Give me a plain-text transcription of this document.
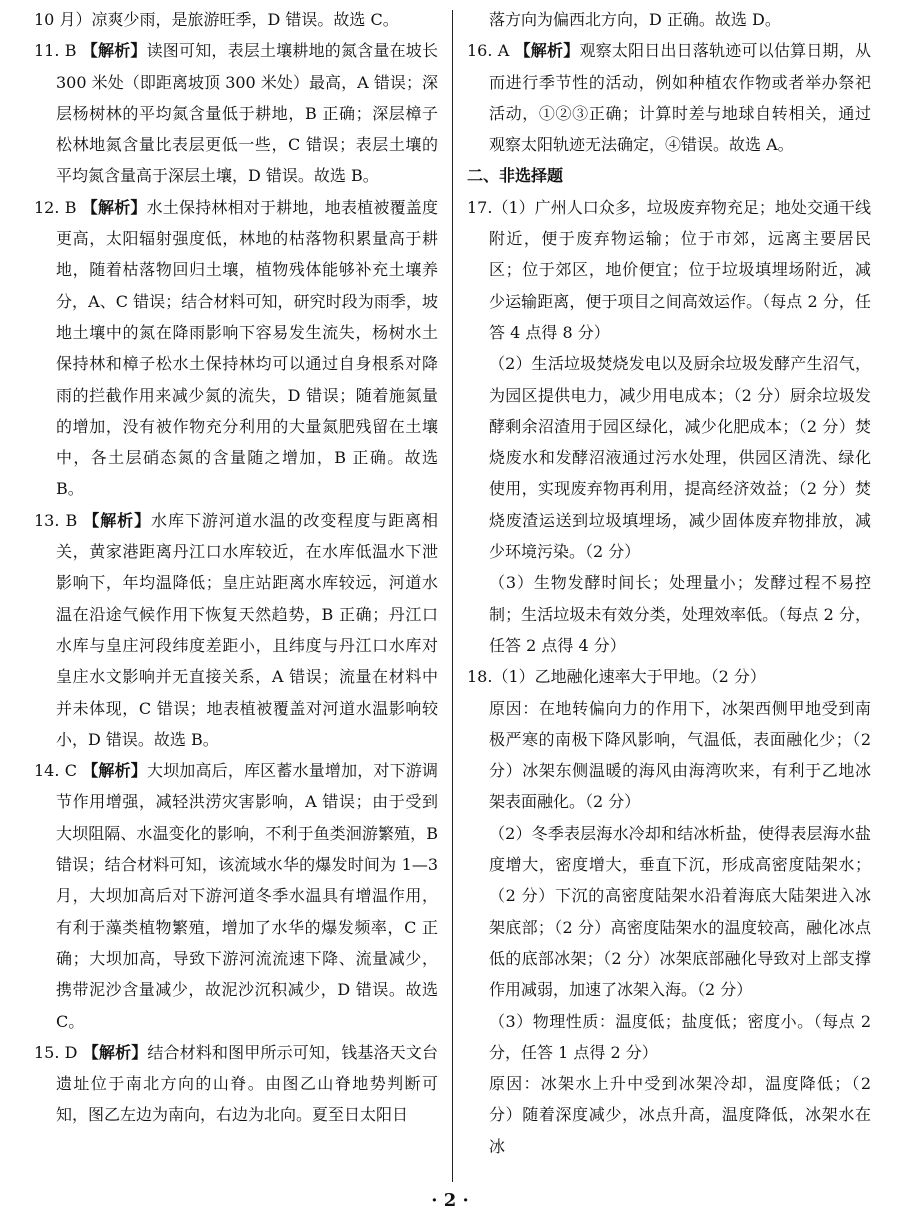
10 月）凉爽少雨，是旅游旺季，D 错误。故选 C。

11. B 【解析】读图可知，表层土壤耕地的氮含量在坡长 300 米处（即距离坡顶 300 米处）最高，A 错误；深层杨树林的平均氮含量低于耕地，B 正确；深层樟子松林地氮含量比表层更低一些，C 错误；表层土壤的平均氮含量高于深层土壤，D 错误。故选 B。

12. B 【解析】水土保持林相对于耕地，地表植被覆盖度更高，太阳辐射强度低，林地的枯落物积累量高于耕地，随着枯落物回归土壤，植物残体能够补充土壤养分，A、C 错误；结合材料可知，研究时段为雨季，坡地土壤中的氮在降雨影响下容易发生流失，杨树水土保持林和樟子松水土保持林均可以通过自身根系对降雨的拦截作用来减少氮的流失，D 错误；随着施氮量的增加，没有被作物充分利用的大量氮肥残留在土壤中，各土层硝态氮的含量随之增加，B 正确。故选 B。

13. B 【解析】水库下游河道水温的改变程度与距离相关，黄家港距离丹江口水库较近，在水库低温水下泄影响下，年均温降低；皇庄站距离水库较远，河道水温在沿途气候作用下恢复天然趋势，B 正确；丹江口水库与皇庄河段纬度差距小，且纬度与丹江口水库对皇庄水文影响并无直接关系，A 错误；流量在材料中并未体现，C 错误；地表植被覆盖对河道水温影响较小，D 错误。故选 B。

14. C 【解析】大坝加高后，库区蓄水量增加，对下游调节作用增强，减轻洪涝灾害影响，A 错误；由于受到大坝阻隔、水温变化的影响，不利于鱼类洄游繁殖，B 错误；结合材料可知，该流域水华的爆发时间为 1—3 月，大坝加高后对下游河道冬季水温具有增温作用，有利于藻类植物繁殖，增加了水华的爆发频率，C 正确；大坝加高，导致下游河流流速下降、流量减少，携带泥沙含量减少，故泥沙沉积减少，D 错误。故选 C。

15. D 【解析】结合材料和图甲所示可知，钱基洛天文台遗址位于南北方向的山脊。由图乙山脊地势判断可知，图乙左边为南向，右边为北向。夏至日太阳日

落方向为偏西北方向，D 正确。故选 D。

16. A 【解析】观察太阳日出日落轨迹可以估算日期，从而进行季节性的活动，例如种植农作物或者举办祭祀活动，①②③正确；计算时差与地球自转相关，通过观察太阳轨迹无法确定，④错误。故选 A。

二、非选择题

17.（1）广州人口众多，垃圾废弃物充足；地处交通干线附近，便于废弃物运输；位于市郊，远离主要居民区；位于郊区，地价便宜；位于垃圾填埋场附近，减少运输距离，便于项目之间高效运作。（每点 2 分，任答 4 点得 8 分）

（2）生活垃圾焚烧发电以及厨余垃圾发酵产生沼气，为园区提供电力，减少用电成本；（2 分）厨余垃圾发酵剩余沼渣用于园区绿化，减少化肥成本；（2 分）焚烧废水和发酵沼液通过污水处理，供园区清洗、绿化使用，实现废弃物再利用，提高经济效益；（2 分）焚烧废渣运送到垃圾填埋场，减少固体废弃物排放，减少环境污染。（2 分）

（3）生物发酵时间长；处理量小；发酵过程不易控制；生活垃圾未有效分类，处理效率低。（每点 2 分，任答 2 点得 4 分）

18.（1）乙地融化速率大于甲地。（2 分）

原因：在地转偏向力的作用下，冰架西侧甲地受到南极严寒的南极下降风影响，气温低，表面融化少；（2 分）冰架东侧温暖的海风由海湾吹来，有利于乙地冰架表面融化。（2 分）

（2）冬季表层海水冷却和结冰析盐，使得表层海水盐度增大，密度增大，垂直下沉，形成高密度陆架水；（2 分）下沉的高密度陆架水沿着海底大陆架进入冰架底部；（2 分）高密度陆架水的温度较高，融化冰点低的底部冰架；（2 分）冰架底部融化导致对上部支撑作用减弱，加速了冰架入海。（2 分）

（3）物理性质：温度低；盐度低；密度小。（每点 2 分，任答 1 点得 2 分）

原因：冰架水上升中受到冰架冷却，温度降低；（2 分）随着深度减少，冰点升高，温度降低，冰架水在冰

· 2 ·
